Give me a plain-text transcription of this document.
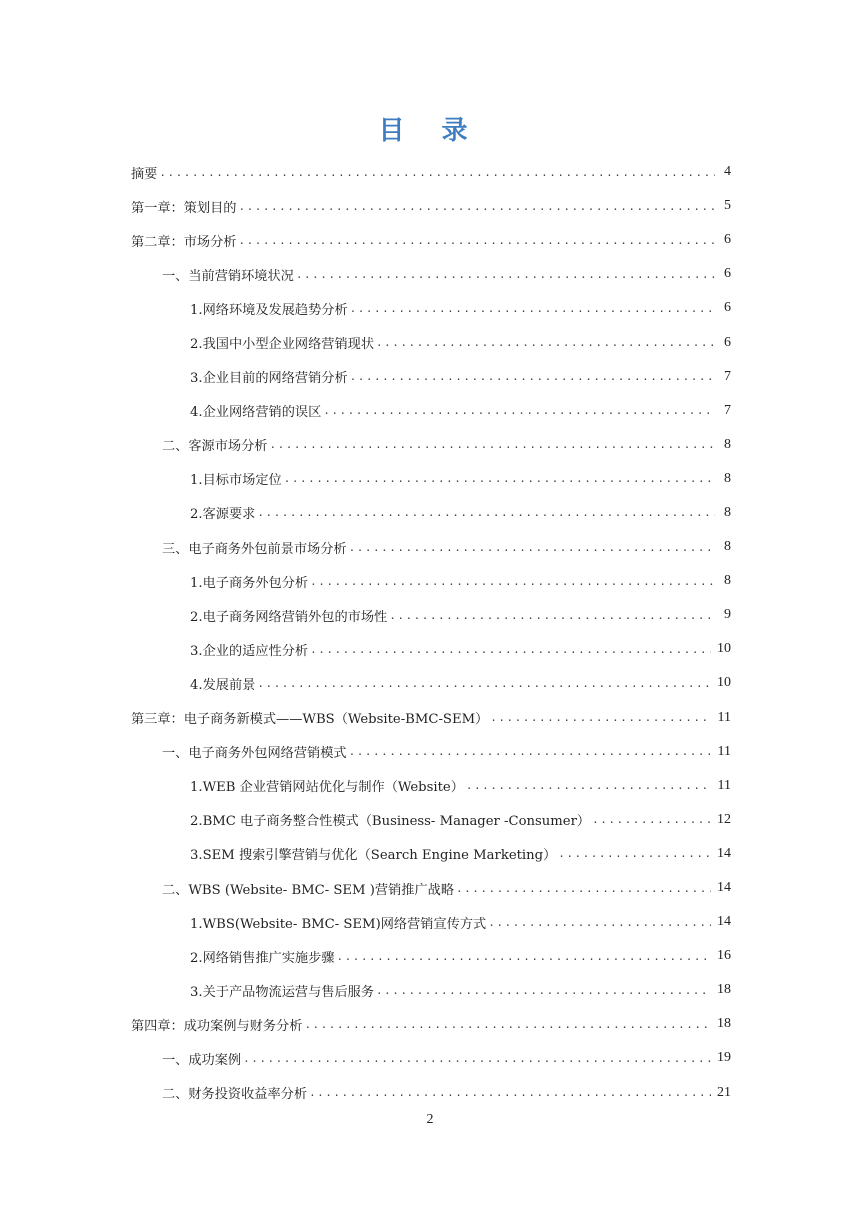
目 录
摘要 .....	4
第一章：策划目的 .....	5
第二章：市场分析 .....	6
一、当前营销环境状况 .....	6
1.网络环境及发展趋势分析 .....	6
2.我国中小型企业网络营销现状 .....	6
3.企业目前的网络营销分析 .....	7
4.企业网络营销的误区 .....	7
二、客源市场分析 .....	8
1.目标市场定位 .....	8
2.客源要求 .....	8
三、电子商务外包前景市场分析 .....	8
1.电子商务外包分析 .....	8
2.电子商务网络营销外包的市场性 .....	9
3.企业的适应性分析 .....	10
4.发展前景 .....	10
第三章：电子商务新模式——WBS（Website-BMC-SEM） .....	11
一、电子商务外包网络营销模式 .....	11
1.WEB 企业营销网站优化与制作（Website） .....	11
2.BMC 电子商务整合性模式（Business- Manager -Consumer） .....	12
3.SEM 搜索引擎营销与优化（Search Engine Marketing） .....	14
二、WBS (Website- BMC- SEM )营销推广战略 .....	14
1.WBS(Website- BMC- SEM)网络营销宣传方式 .....	14
2.网络销售推广实施步骤 .....	16
3.关于产品物流运营与售后服务 .....	18
第四章：成功案例与财务分析 .....	18
一、成功案例 .....	19
二、财务投资收益率分析 .....	21
2
